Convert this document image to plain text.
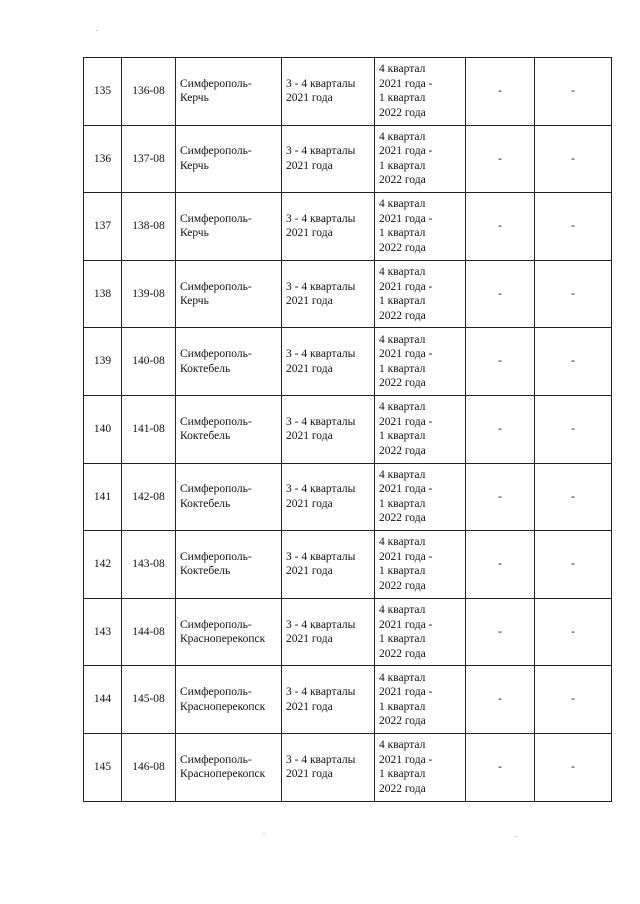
135	136-08	Симферополь-
Керчь	3 - 4 кварталы
2021 года	4 квартал
2021 года -
1 квартал
2022 года	-	-
136	137-08	Симферополь-
Керчь	3 - 4 кварталы
2021 года	4 квартал
2021 года -
1 квартал
2022 года	-	-
137	138-08	Симферополь-
Керчь	3 - 4 кварталы
2021 года	4 квартал
2021 года -
1 квартал
2022 года	-	-
138	139-08	Симферополь-
Керчь	3 - 4 кварталы
2021 года	4 квартал
2021 года -
1 квартал
2022 года	-	-
139	140-08	Симферополь-
Коктебель	3 - 4 кварталы
2021 года	4 квартал
2021 года -
1 квартал
2022 года	-	-
140	141-08	Симферополь-
Коктебель	3 - 4 кварталы
2021 года	4 квартал
2021 года -
1 квартал
2022 года	-	-
141	142-08	Симферополь-
Коктебель	3 - 4 кварталы
2021 года	4 квартал
2021 года -
1 квартал
2022 года	-	-
142	143-08	Симферополь-
Коктебель	3 - 4 кварталы
2021 года	4 квартал
2021 года -
1 квартал
2022 года	-	-
143	144-08	Симферополь-
Красноперекопск	3 - 4 кварталы
2021 года	4 квартал
2021 года -
1 квартал
2022 года	-	-
144	145-08	Симферополь-
Красноперекопск	3 - 4 кварталы
2021 года	4 квартал
2021 года -
1 квартал
2022 года	-	-
145	146-08	Симферополь-
Красноперекопск	3 - 4 кварталы
2021 года	4 квартал
2021 года -
1 квартал
2022 года	-	-
